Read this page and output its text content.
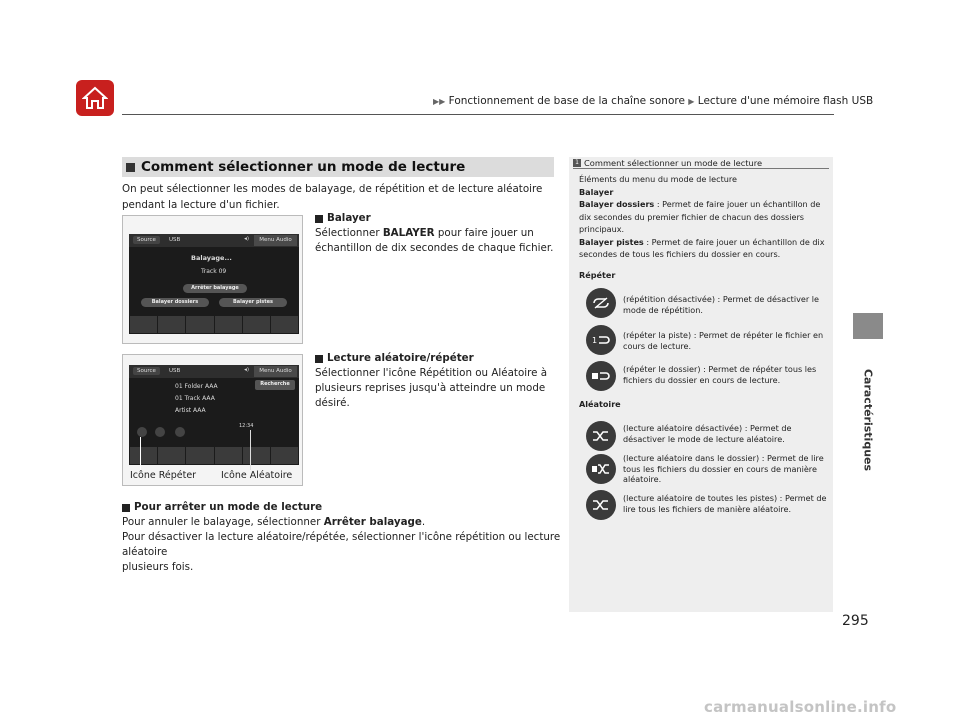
▶▶ Fonctionnement de base de la chaîne sonore ▶ Lecture d'une mémoire flash USB
Caractéristiques
Comment sélectionner un mode de lecture
On peut sélectionner les modes de balayage, de répétition et de lecture aléatoire pendant la lecture d'un fichier.
Source	USB	◂)	Menu Audio
Balayage...
Track 09
Arrêter balayage
Balayer dossiers	Balayer pistes
Source	USB	◂)	Menu Audio
Recherche
01 Folder AAA
01 Track AAA
Artist AAA
12:34
Icône Répéter	Icône Aléatoire
Balayer
Sélectionner BALAYER pour faire jouer un
échantillon de dix secondes de chaque fichier.
Lecture aléatoire/répéter
Sélectionner l'icône Répétition ou Aléatoire à
plusieurs reprises jusqu'à atteindre un mode désiré.
Pour arrêter un mode de lecture
Pour annuler le balayage, sélectionner Arrêter balayage.
Pour désactiver la lecture aléatoire/répétée, sélectionner l'icône répétition ou lecture aléatoire
plusieurs fois.
1 Comment sélectionner un mode de lecture
Éléments du menu du mode de lecture
Balayer
Balayer dossiers : Permet de faire jouer un échantillon de
dix secondes du premier fichier de chacun des dossiers
principaux.
Balayer pistes : Permet de faire jouer un échantillon de dix
secondes de tous les fichiers du dossier en cours.
Répéter
(répétition désactivée) : Permet de désactiver le mode de répétition.
1
(répéter la piste) : Permet de répéter le fichier en cours de lecture.
(répéter le dossier) : Permet de répéter tous les fichiers du dossier en cours de lecture.
Aléatoire
(lecture aléatoire désactivée) : Permet de désactiver le mode de lecture aléatoire.
(lecture aléatoire dans le dossier) : Permet de lire tous les fichiers du dossier en cours de manière aléatoire.
(lecture aléatoire de toutes les pistes) : Permet de lire tous les fichiers de manière aléatoire.
295
carmanualsonline.info
